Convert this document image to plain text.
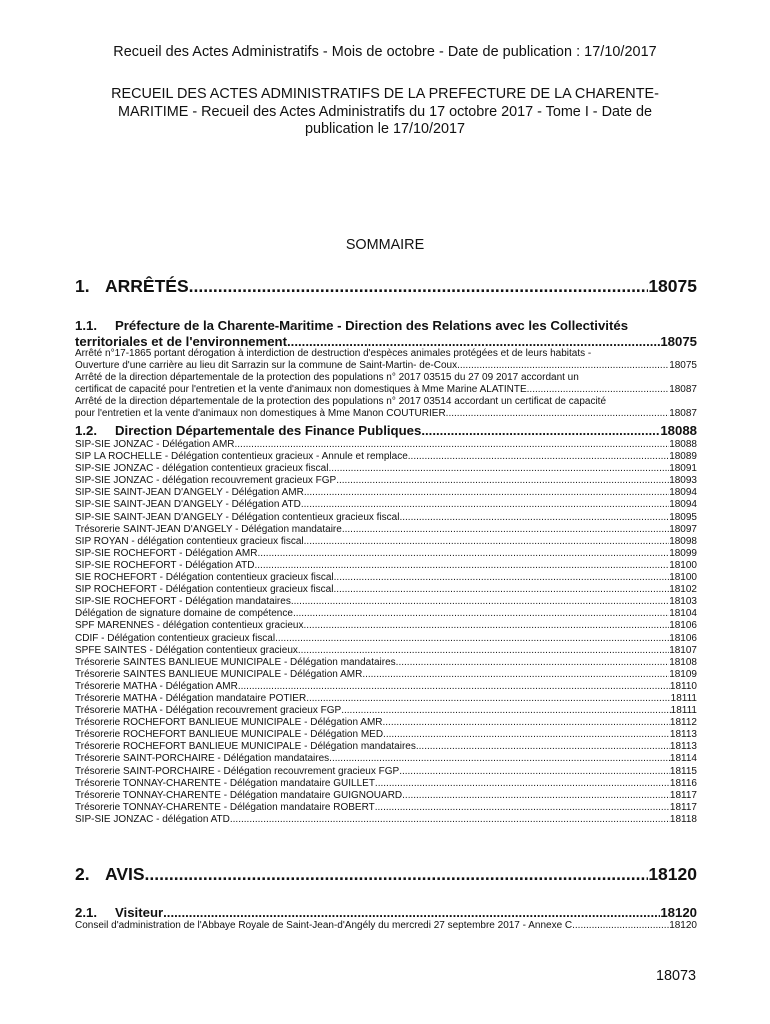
Recueil des Actes Administratifs - Mois de octobre - Date de publication : 17/10/2017
RECUEIL DES ACTES ADMINISTRATIFS DE LA PREFECTURE DE LA CHARENTE-
MARITIME - Recueil des Actes Administratifs du 17 octobre 2017 - Tome I - Date de
publication le 17/10/2017
SOMMAIRE
1. ARRÊTÉS .....	18075
1.1.	Préfecture de la Charente-Maritime - Direction des Relations avec les Collectivités
territoriales et de l'environnement .....	18075
Arrêté n°17-1865 portant dérogation à interdiction de destruction d'espèces animales protégées et de leurs habitats -
Ouverture d'une carrière au lieu dit Sarrazin sur la commune de Saint-Martin- de-Coux .....	18075
Arrêté de la direction départementale de la protection des populations n° 2017 03515 du 27 09 2017 accordant un
certificat de capacité pour l'entretien et la vente d'animaux non domestiques à Mme Marine ALATINTE .....	18087
Arrêté de la direction départementale de la protection des populations n° 2017 03514 accordant un certificat de capacité
pour l'entretien et la vente d'animaux non domestiques à Mme Manon COUTURIER .....	18087
1.2.	Direction Départementale des Finance Publiques .....	18088
SIP-SIE JONZAC - Délégation AMR .....	18088
SIP LA ROCHELLE - Délégation contentieux gracieux - Annule et remplace .....	18089
SIP-SIE JONZAC - délégation contentieux gracieux fiscal .....	18091
SIP-SIE JONZAC - délégation recouvrement gracieux FGP .....	18093
SIP-SIE SAINT-JEAN D'ANGELY - Délégation AMR .....	18094
SIP-SIE SAINT-JEAN D'ANGELY - Délégation ATD .....	18094
SIP-SIE SAINT-JEAN D'ANGELY - Délégation contentieux gracieux fiscal .....	18095
Trésorerie SAINT-JEAN D'ANGELY - Délégation mandataire .....	18097
SIP ROYAN - délégation contentieux gracieux fiscal .....	18098
SIP-SIE ROCHEFORT - Délégation AMR .....	18099
SIP-SIE ROCHEFORT - Délégation ATD .....	18100
SIE ROCHEFORT - Délégation contentieux gracieux fiscal .....	18100
SIP ROCHEFORT - Délégation contentieux gracieux fiscal .....	18102
SIP-SIE ROCHEFORT - Délégation mandataires .....	18103
Délégation de signature domaine de compétence .....	18104
SPF MARENNES - délégation contentieux gracieux .....	18106
CDIF - Délégation contentieux gracieux fiscal .....	18106
SPFE SAINTES - Délégation contentieux gracieux .....	18107
Trésorerie SAINTES BANLIEUE MUNICIPALE - Délégation mandataires .....	18108
Trésorerie SAINTES BANLIEUE MUNICIPALE - Délégation AMR .....	18109
Trésorerie MATHA - Délégation AMR .....	18110
Trésorerie MATHA - Délégation mandataire POTIER .....	18111
Trésorerie MATHA - Délégation recouvrement gracieux FGP .....	18111
Trésorerie ROCHEFORT BANLIEUE MUNICIPALE - Délégation AMR .....	18112
Trésorerie ROCHEFORT BANLIEUE MUNICIPALE - Délégation MED .....	18113
Trésorerie ROCHEFORT BANLIEUE MUNICIPALE - Délégation mandataires .....	18113
Trésorerie SAINT-PORCHAIRE - Délégation mandataires .....	18114
Trésorerie SAINT-PORCHAIRE - Délégation recouvrement gracieux FGP .....	18115
Trésorerie TONNAY-CHARENTE - Délégation mandataire GUILLET .....	18116
Trésorerie TONNAY-CHARENTE - Délégation mandataire GUIGNOUARD .....	18117
Trésorerie TONNAY-CHARENTE - Délégation mandataire ROBERT .....	18117
SIP-SIE JONZAC - délégation ATD .....	18118
2. AVIS .....	18120
2.1.	Visiteur .....	18120
Conseil d'administration de l'Abbaye Royale de Saint-Jean-d'Angély du mercredi 27 septembre 2017 - Annexe C .....	18120
18073
